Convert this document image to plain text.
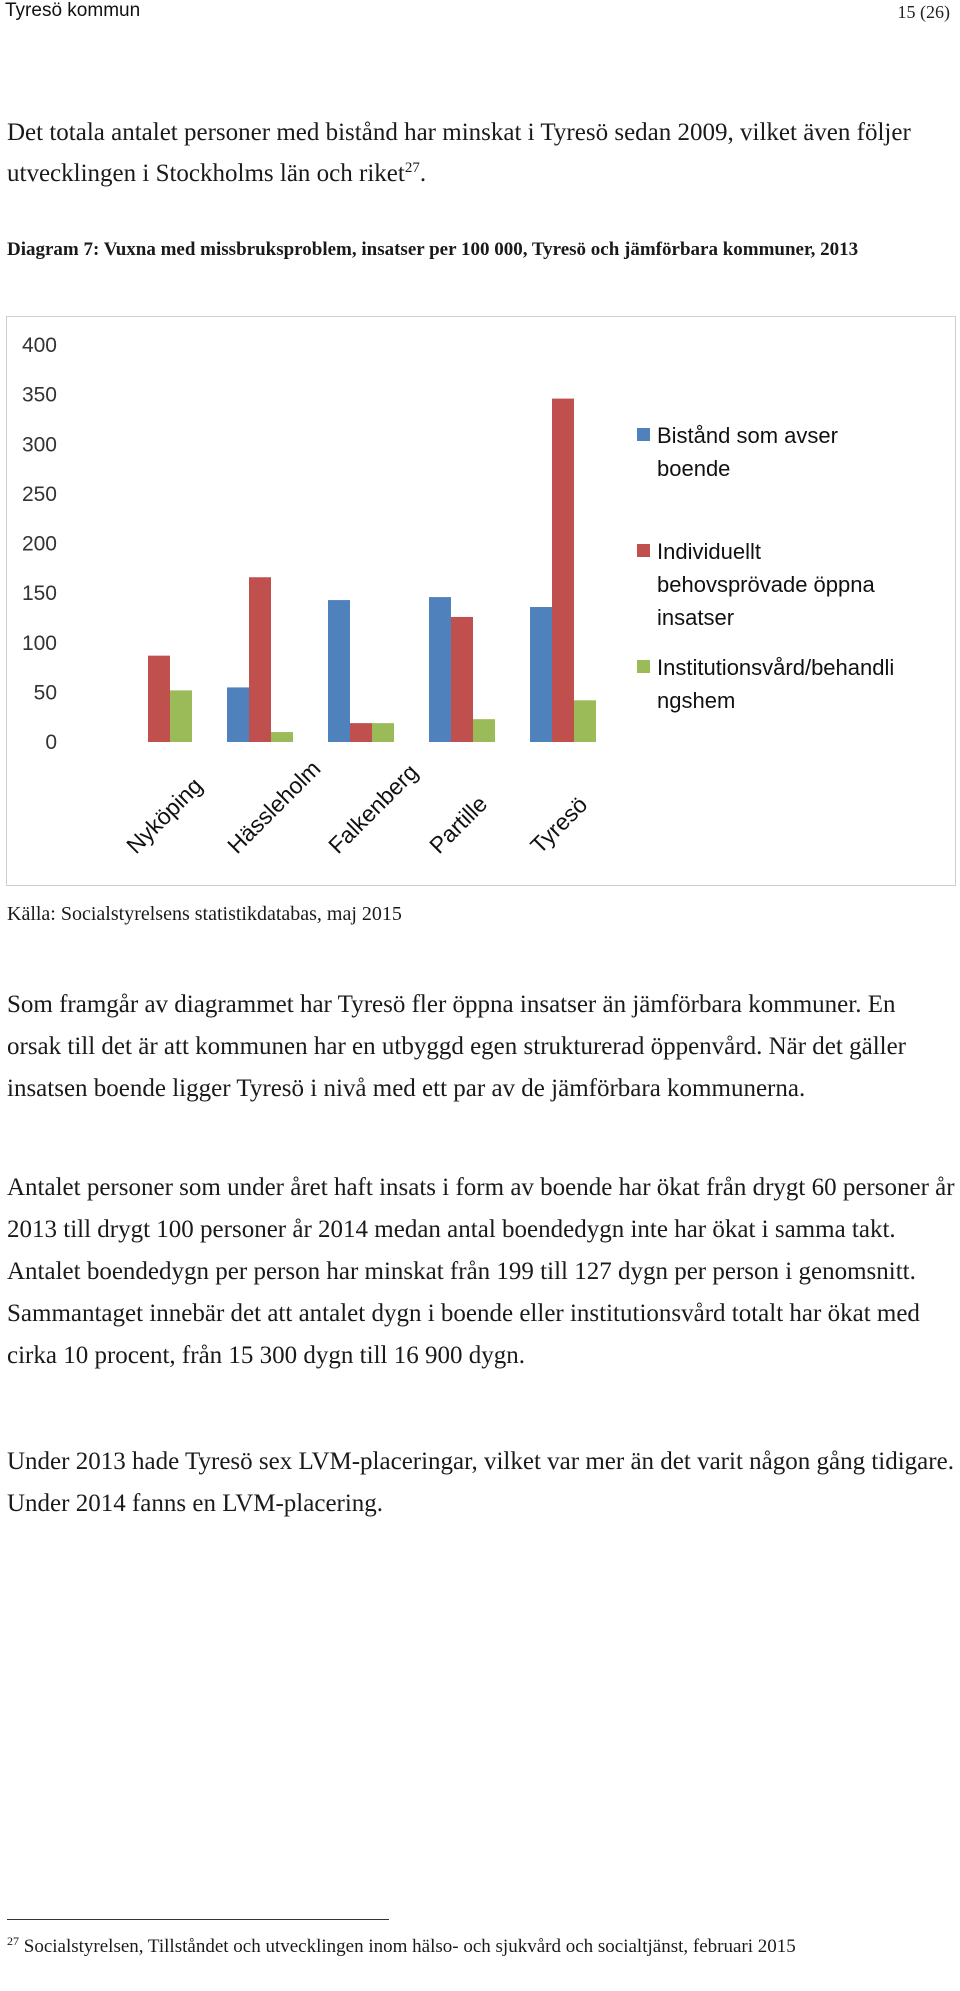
Tyresö kommun	15 (26)
Det totala antalet personer med bistånd har minskat i Tyresö sedan 2009, vilket även följer utvecklingen i Stockholms län och riket$^{27}$.
Diagram 7: Vuxna med missbruksproblem, insatser per 100 000, Tyresö och jämförbara kommuner, 2013
0
50
100
150
200
250
300
350
400
Nyköping Hässleholm
Falkenberg Partille Tyresö
Bistånd som avser
boende
Individuellt
behovsprövade öppna
insatser
Institutionsvård/behandli
ngshem
Källa: Socialstyrelsens statistikdatabas, maj 2015
Som framgår av diagrammet har Tyresö fler öppna insatser än jämförbara kommuner. En orsak till det är att kommunen har en utbyggd egen strukturerad öppenvård. När det gäller insatsen boende ligger Tyresö i nivå med ett par av de jämförbara kommunerna.
Antalet personer som under året haft insats i form av boende har ökat från drygt 60 personer år 2013 till drygt 100 personer år 2014 medan antal boendedygn inte har ökat i samma takt. Antalet boendedygn per person har minskat från 199 till 127 dygn per person i genomsnitt. Sammantaget innebär det att antalet dygn i boende eller institutionsvård totalt har ökat med cirka 10 procent, från 15 300 dygn till 16 900 dygn.
Under 2013 hade Tyresö sex LVM-placeringar, vilket var mer än det varit någon gång tidigare. Under 2014 fanns en LVM-placering.
$^{27}$ Socialstyrelsen, Tillståndet och utvecklingen inom hälso- och sjukvård och socialtjänst, februari 2015
